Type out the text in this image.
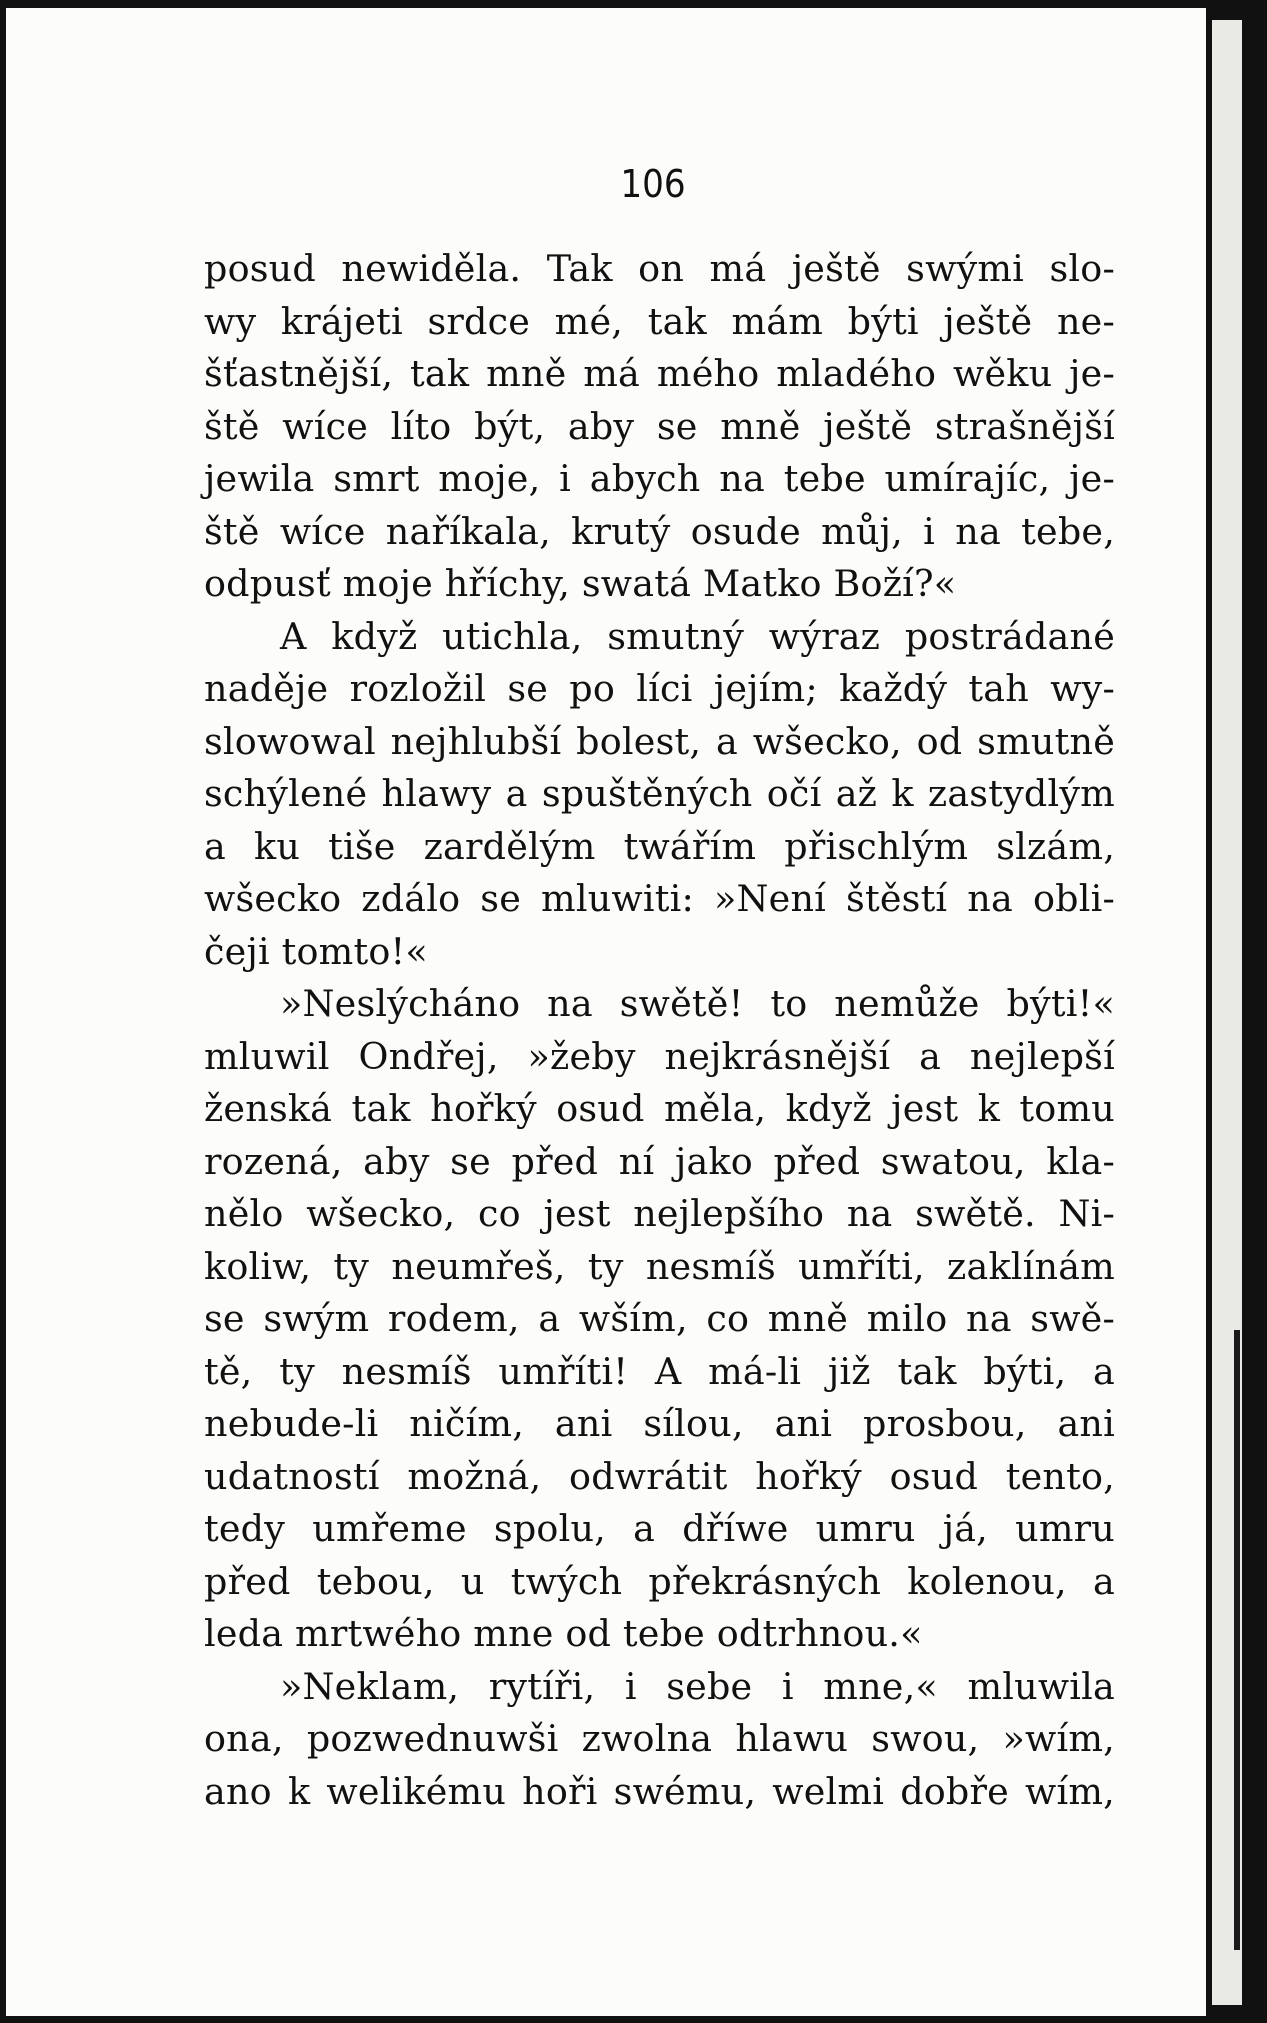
106

posud newiděla. Tak on má ještě swými slo-
wy krájeti srdce mé, tak mám býti ještě ne-
šťastnější, tak mně má mého mladého wěku je-
ště wíce líto být, aby se mně ještě strašnější
jewila smrt moje, i abych na tebe umírajíc, je-
ště wíce naříkala, krutý osude můj, i na tebe,
odpusť moje hříchy, swatá Matko Boží?«
A když utichla, smutný wýraz postrádané
naděje rozložil se po líci jejím; každý tah wy-
slowowal nejhlubší bolest, a wšecko, od smutně
schýlené hlawy a spuštěných očí až k zastydlým
a ku tiše zardělým twářím přischlým slzám,
wšecko zdálo se mluwiti: »Není štěstí na obli-
čeji tomto!«
»Neslýcháno na swětě! to nemůže býti!«
mluwil Ondřej, »žeby nejkrásnější a nejlepší
ženská tak hořký osud měla, když jest k tomu
rozená, aby se před ní jako před swatou, kla-
nělo wšecko, co jest nejlepšího na swětě. Ni-
koliw, ty neumřeš, ty nesmíš umříti, zaklínám
se swým rodem, a wším, co mně milo na swě-
tě, ty nesmíš umříti! A má-li již tak býti, a
nebude-li ničím, ani sílou, ani prosbou, ani
udatností možná, odwrátit hořký osud tento,
tedy umřeme spolu, a dříwe umru já, umru
před tebou, u twých překrásných kolenou, a
leda mrtwého mne od tebe odtrhnou.«
»Neklam, rytíři, i sebe i mne,« mluwila
ona, pozwednuwši zwolna hlawu swou, »wím,
ano k welikému hoři swému, welmi dobře wím,
